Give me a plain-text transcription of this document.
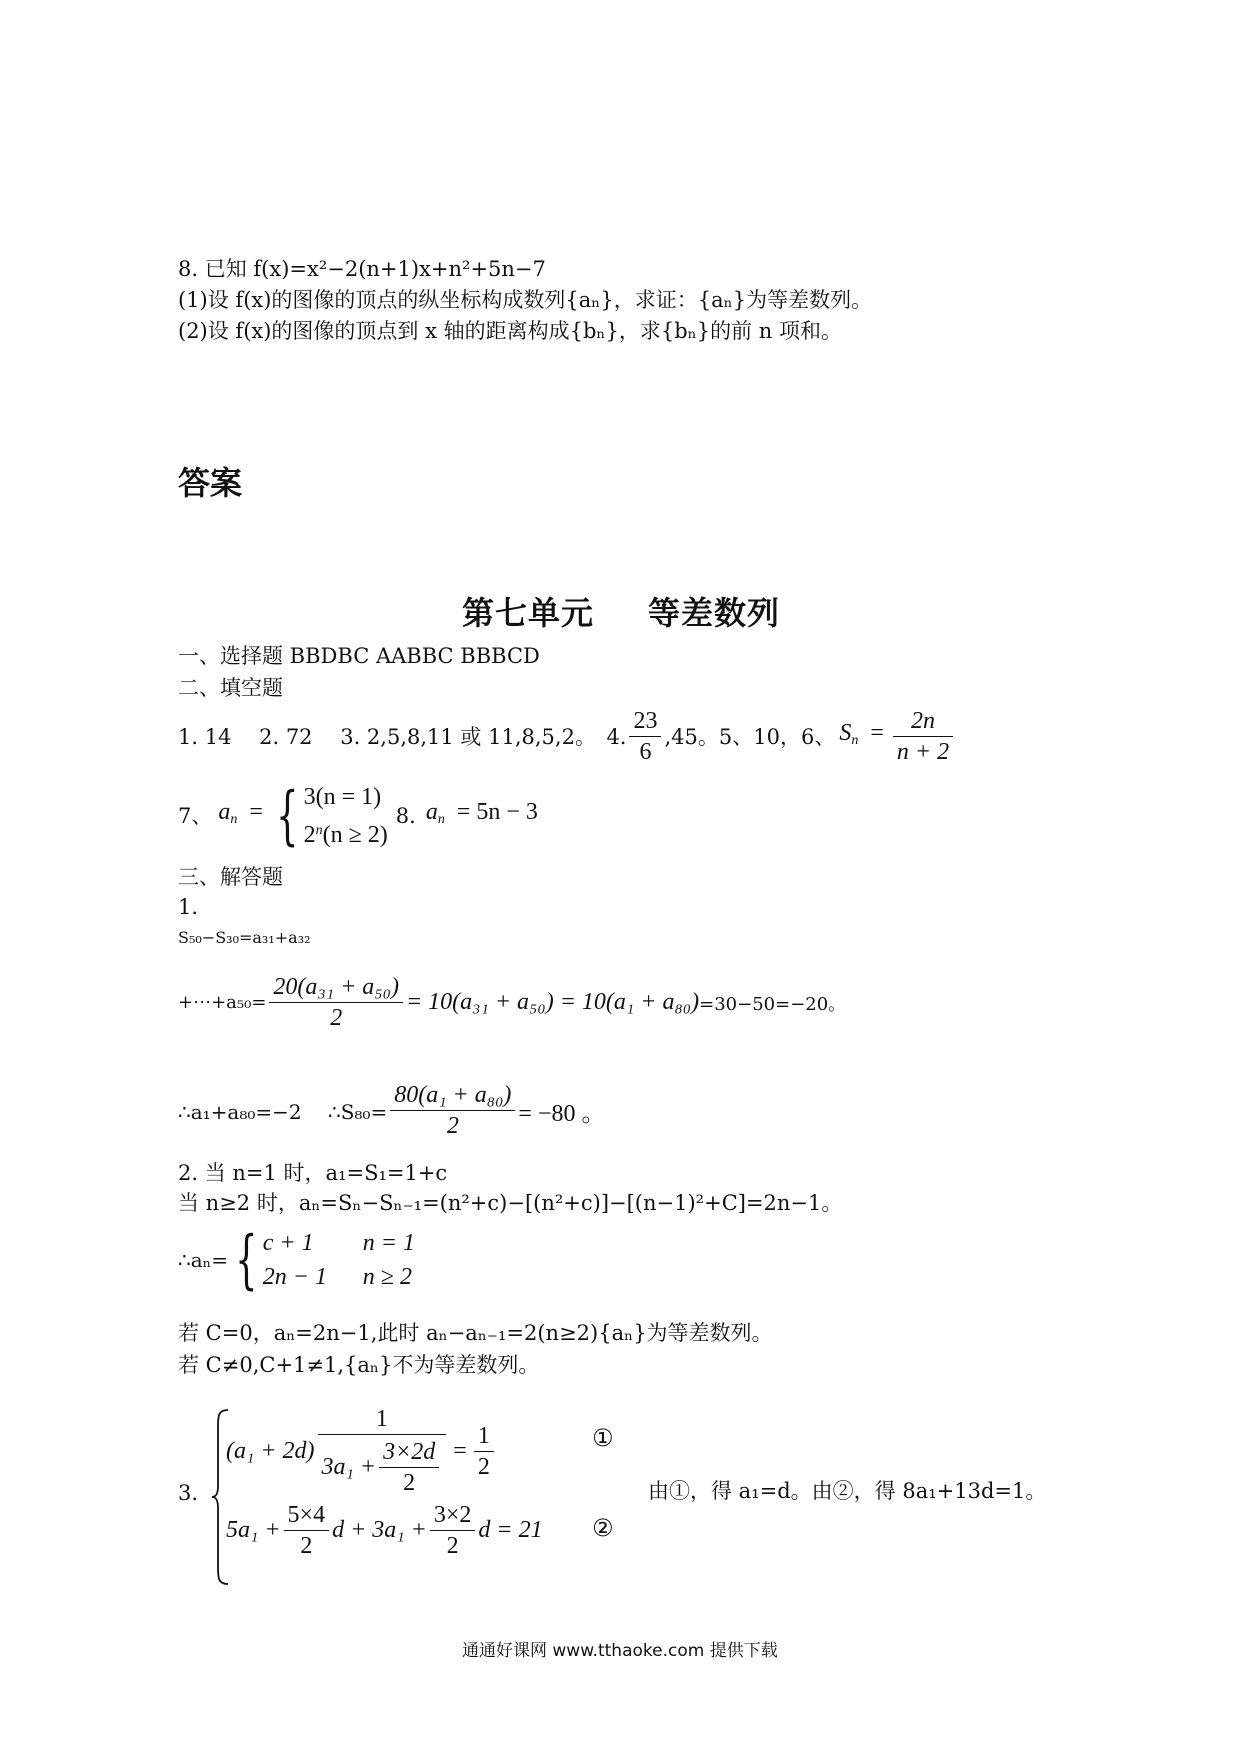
8. 已知 f(x)=x²−2(n+1)x+n²+5n−7
(1)设 f(x)的图像的顶点的纵坐标构成数列{aₙ}，求证：{aₙ}为等差数列。
(2)设 f(x)的图像的顶点到 x 轴的距离构成{bₙ}，求{bₙ}的前 n 项和。
答案
第七单元 等差数列
一、选择题 BBDBC AABBC BBBCD
二、填空题
1. 14　 2. 72　 3. 2,5,8,11 或 11,8,5,2。　4. $\frac{23}{6} ,45$。5、10，6、 $S_n = \frac{2n}{n + 2}$
7、 $a_n$ = { 3(n = 1)
$2^n(n \ge 2)$
8. $a_n = 5n - 3$
三、解答题
1.
S₅₀−S₃₀=a₃₁+a₃₂
+⋯+a₅₀= $\frac{\text{20(a₃₁ + a₅₀)}}{2} = 10(a_{31} + a_{50}) = 10(a_1 + a_{80}) =30-50=-20$。
∴a₁+a₈₀=−2　 ∴S₈₀= $\frac{\text{80(a₁ + a₈₀)}}{2} = -80$ 。
2. 当 n=1 时，a₁=S₁=1+c
当 n≥2 时，aₙ=Sₙ−Sₙ₋₁=(n²+c)−[(n²+c)]−[(n−1)²+C]=2n−1。
∴aₙ= { c + 1 n = 1
2n − 1 n ≥ 2
若 C=0，aₙ=2n−1,此时 aₙ−aₙ₋₁=2(n≥2){aₙ}为等差数列。
若 C≠0,C+1≠1,{aₙ}不为等差数列。
3.
$(a_1 + 2d) \frac{1}{3a_1 + \frac{3\times 2d}{2}} = \frac{1}{2}$	①
$5a_1 + \frac{5\times 4}{2}$ $d + 3a_1 + \frac{3\times 2}{2}$ d = 21 ②
由①，得 a₁=d。由②，得 8a₁+13d=1。
通通好课网 www.tthaoke.com 提供下载
